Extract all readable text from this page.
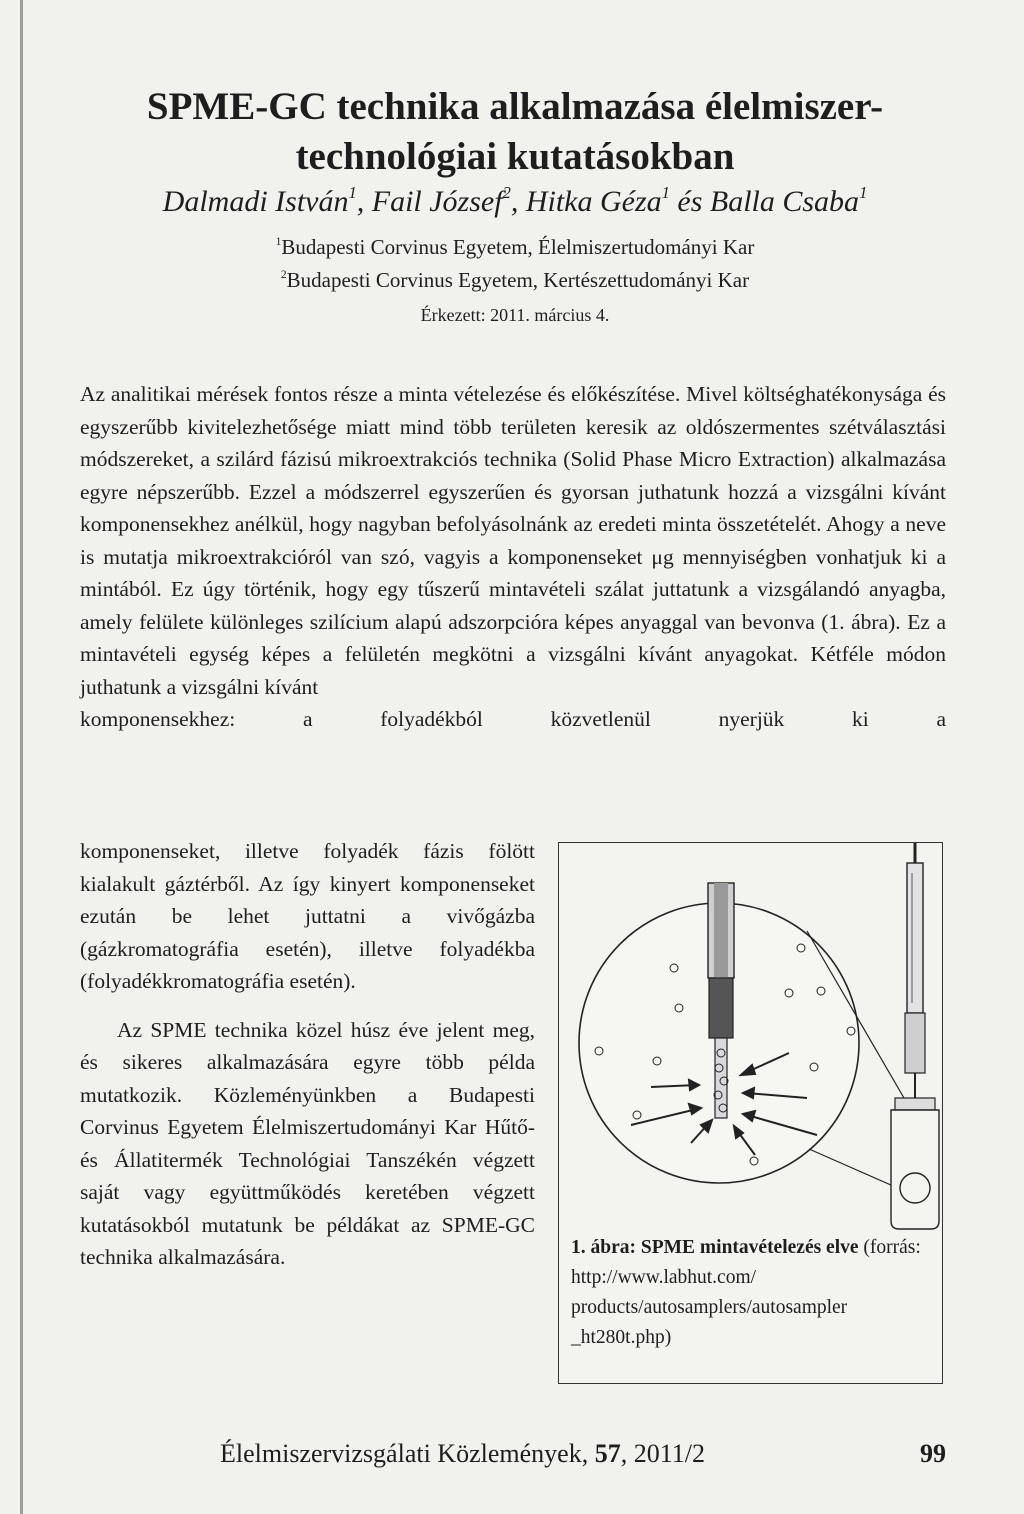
SPME-GC technika alkalmazása élelmiszer-technológiai kutatásokban
Dalmadi István$^1$, Fail József$^2$, Hitka Géza$^1$ és Balla Csaba$^1$
$^1$Budapesti Corvinus Egyetem, Élelmiszertudományi Kar
$^2$Budapesti Corvinus Egyetem, Kertészettudományi Kar
Érkezett: 2011. március 4.

Az analitikai mérések fontos része a minta vételezése és előkészítése. Mivel költséghatékonysága és egyszerűbb kivitelezhetősége miatt mind több területen keresik az oldószermentes szétválasztási módszereket, a szilárd fázisú mikroextrakciós technika (Solid Phase Micro Extraction) alkalmazása egyre népszerűbb. Ezzel a módszerrel egyszerűen és gyorsan juthatunk hozzá a vizsgálni kívánt komponensekhez anélkül, hogy nagyban befolyásolnánk az eredeti minta összetételét. Ahogy a neve is mutatja mikroextrakcióról van szó, vagyis a komponenseket μg mennyiségben vonhatjuk ki a mintából. Ez úgy történik, hogy egy tűszerű mintavételi szálat juttatunk a vizsgálandó anyagba, amely felülete különleges szilícium alapú adszorpcióra képes anyaggal van bevonva (1. ábra). Ez a mintavételi egység képes a felületén megkötni a vizsgálni kívánt anyagokat. Kétféle módon juthatunk a vizsgálni kívánt

komponensekhez: a folyadékból közvetlenül nyerjük ki a

komponenseket, illetve folyadék fázis fölött kialakult gáztérből. Az így kinyert komponenseket ezután be lehet juttatni a vivőgázba (gázkromatográfia esetén), illetve folyadékba (folyadékkromatográfia esetén).

Az SPME technika közel húsz éve jelent meg, és sikeres alkalmazására egyre több példa mutatkozik. Közleményünkben a Budapesti Corvinus Egyetem Élelmiszertudományi Kar Hűtő- és Állatitermék Technológiai Tanszékén végzett saját vagy együttműködés keretében végzett kutatásokból mutatunk be példákat az SPME-GC technika alkalmazására.	1. ábra: SPME mintavételezés elve (forrás: http://www.labhut.com/ products/autosamplers/autosampler _ht280t.php)
Élelmiszervizsgálati Közlemények, 57, 2011/2	99
